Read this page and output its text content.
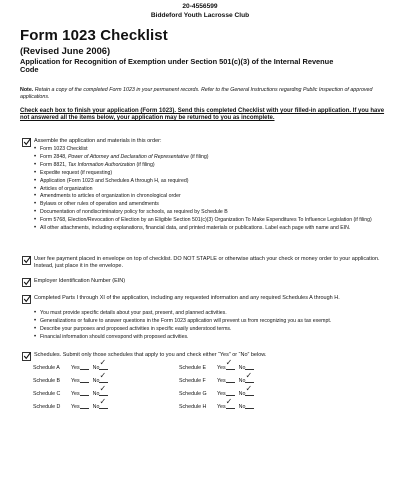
20-4556599
Biddeford Youth Lacrosse Club
Form 1023 Checklist
(Revised June 2006)
Application for Recognition of Exemption under Section 501(c)(3) of the Internal Revenue Code
Note. Retain a copy of the completed Form 1023 in your permanent records. Refer to the General Instructions regarding Public Inspection of approved applications.
Check each box to finish your application (Form 1023). Send this completed Checklist with your filled-in application. If you have not answered all the items below, your application may be returned to you as incomplete.
Assemble the application and materials in this order:
• Form 1023 Checklist
• Form 2848, Power of Attorney and Declaration of Representative (if filing)
• Form 8821, Tax Information Authorization (if filing)
• Expedite request (if requesting)
• Application (Form 1023 and Schedules A through H, as required)
• Articles of organization
• Amendments to articles of organization in chronological order
• Bylaws or other rules of operation and amendments
• Documentation of nondiscriminatory policy for schools, as required by Schedule B
• Form 5768, Election/Revocation of Election by an Eligible Section 501(c)(3) Organization To Make Expenditures To Influence Legislation (if filing)
• All other attachments, including explanations, financial data, and printed materials or publications. Label each page with name and EIN.
User fee payment placed in envelope on top of checklist. DO NOT STAPLE or otherwise attach your check or money order to your application. Instead, just place it in the envelope.
Employer Identification Number (EIN)
Completed Parts I through XI of the application, including any requested information and any required Schedules A through H.
• You must provide specific details about your past, present, and planned activities.
• Generalizations or failure to answer questions in the Form 1023 application will prevent us from recognizing you as tax exempt.
• Describe your purposes and proposed activities in specific easily understood terms.
• Financial information should correspond with proposed activities.
Schedules. Submit only those schedules that apply to you and check either “Yes” or “No” below.
Schedule A Yes No
✓
Schedule B Yes No
✓
Schedule C Yes No
✓
Schedule D Yes No
✓
Schedule E Yes
✓
No
Schedule F Yes No
✓
Schedule G Yes No
✓
Schedule H Yes
✓
No
